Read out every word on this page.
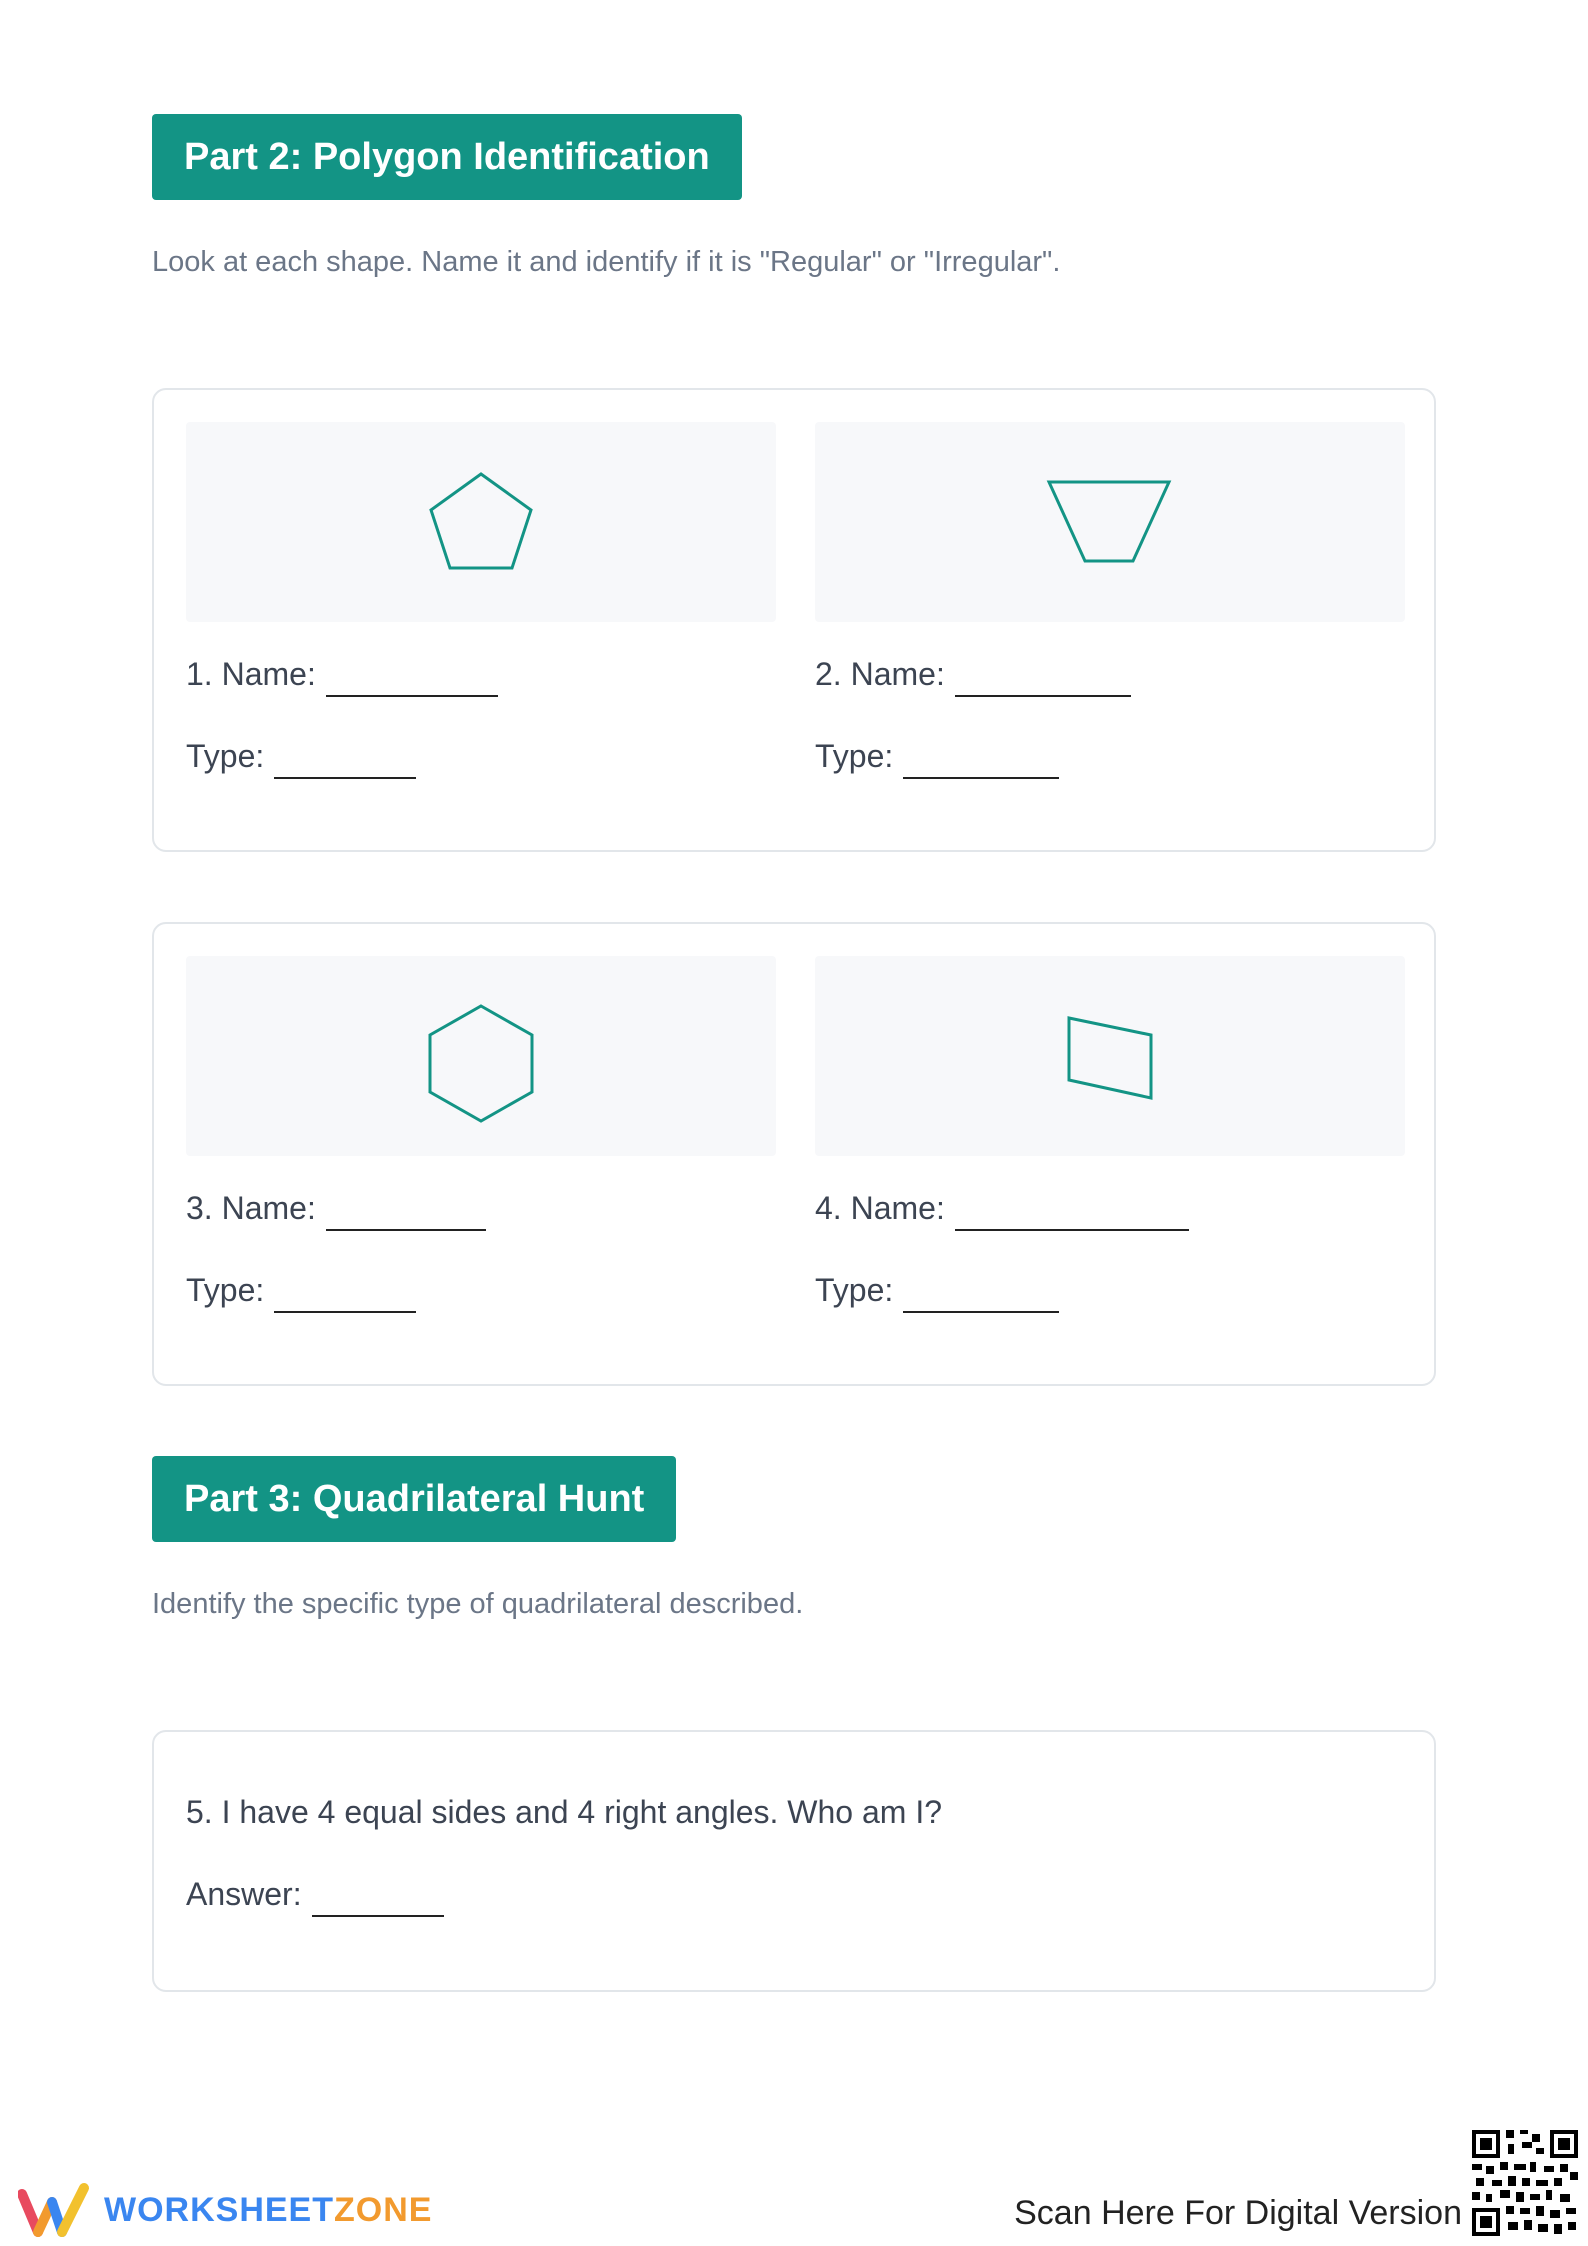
Part 2: Polygon Identification
Look at each shape. Name it and identify if it is "Regular" or "Irregular".
1. Name:
Type:
2. Name:
Type:
3. Name:
Type:
4. Name:
Type:
Part 3: Quadrilateral Hunt
Identify the specific type of quadrilateral described.
5. I have 4 equal sides and 4 right angles. Who am I?
Answer:
WORKSHEETZONE	Scan Here For Digital Version
